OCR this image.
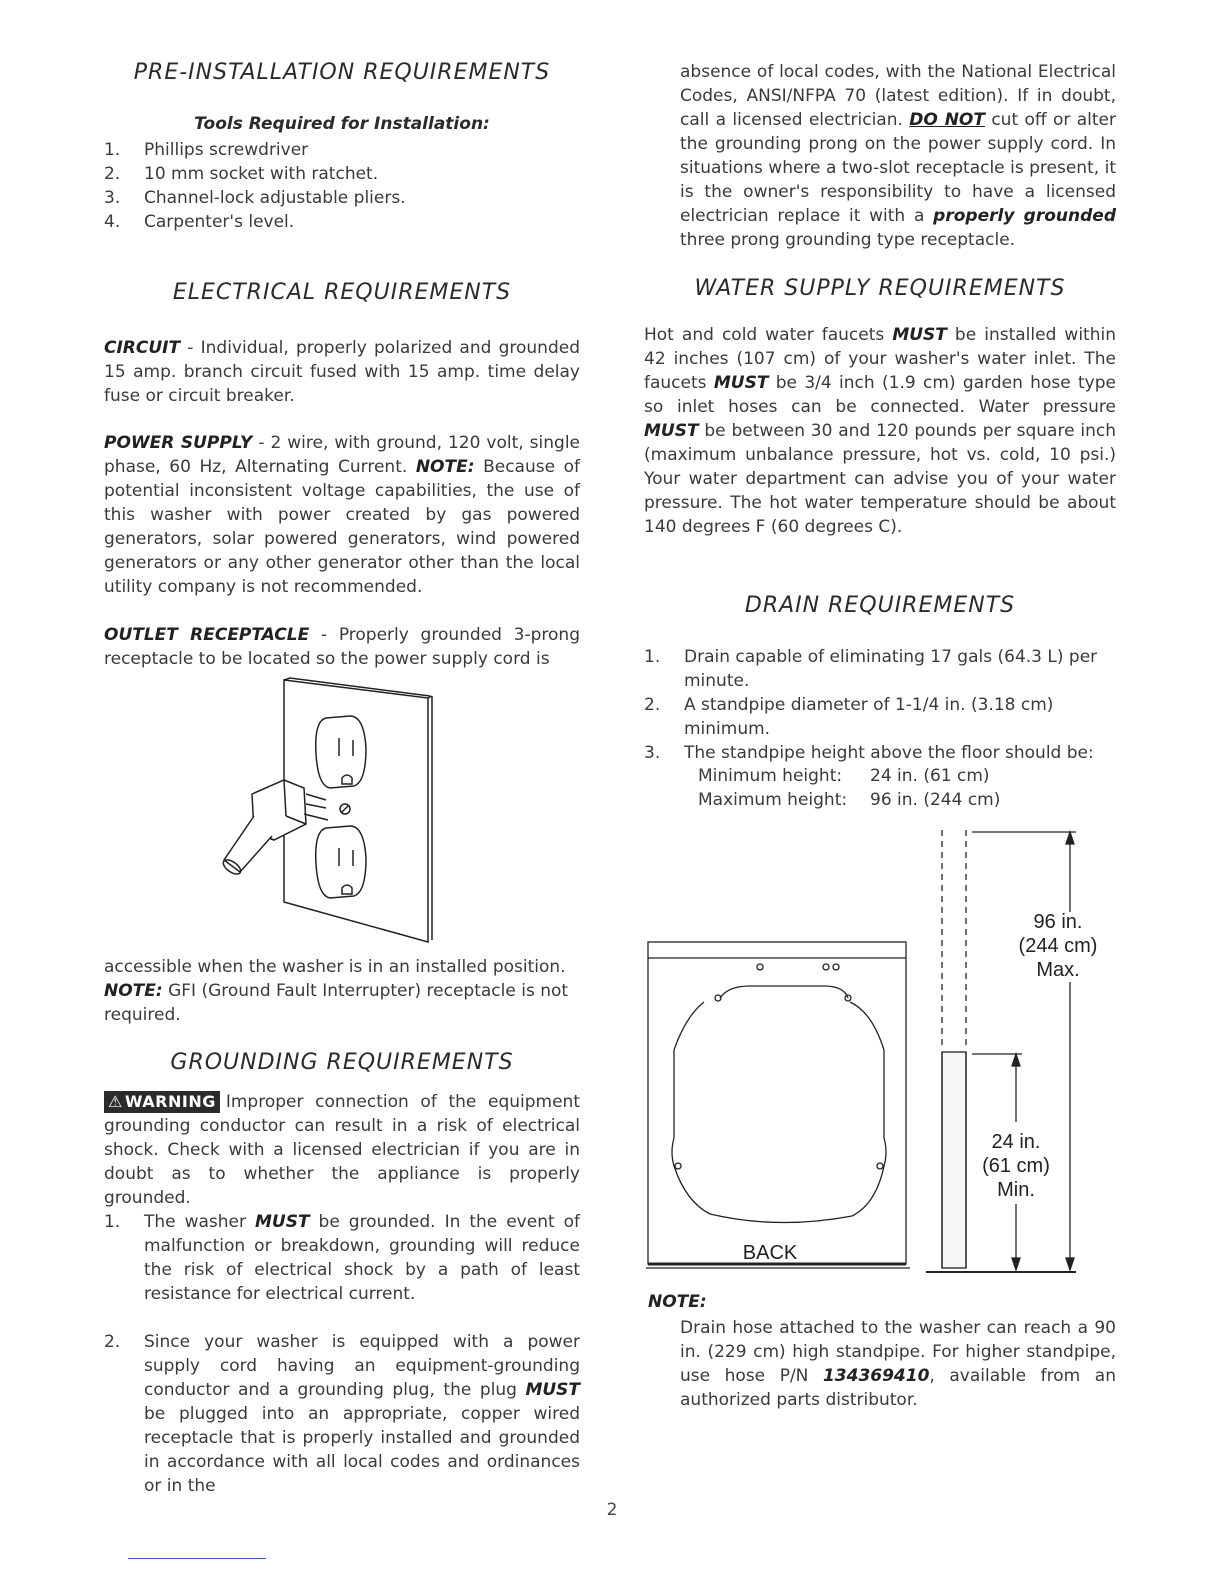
PRE-INSTALLATION REQUIREMENTS
Tools Required for Installation:
1. Phillips screwdriver
2. 10 mm socket with ratchet.
3. Channel-lock adjustable pliers.
4. Carpenter's level.
ELECTRICAL REQUIREMENTS

CIRCUIT - Individual, properly polarized and grounded 15 amp. branch circuit fused with 15 amp. time delay fuse or circuit breaker.

POWER SUPPLY - 2 wire, with ground, 120 volt, single phase, 60 Hz, Alternating Current. NOTE: Because of potential inconsistent voltage capabilities, the use of this washer with power created by gas powered generators, solar powered generators, wind powered generators or any other generator other than the local utility company is not recommended.

OUTLET RECEPTACLE - Properly grounded 3-prong receptacle to be located so the power supply cord is

accessible when the washer is in an installed position.
NOTE: GFI (Ground Fault Interrupter) receptacle is not required.

GROUNDING REQUIREMENTS

⚠ WARNING Improper connection of the equipment grounding conductor can result in a risk of electrical shock. Check with a licensed electrician if you are in doubt as to whether the appliance is properly grounded.

1. The washer MUST be grounded. In the event of malfunction or breakdown, grounding will reduce the risk of electrical shock by a path of least resistance for electrical current.
2. Since your washer is equipped with a power supply cord having an equipment-grounding conductor and a grounding plug, the plug MUST be plugged into an appropriate, copper wired receptacle that is properly installed and grounded in accordance with all local codes and ordinances or in the

absence of local codes, with the National Electrical Codes, ANSI/NFPA 70 (latest edition). If in doubt, call a licensed electrician. DO NOT cut off or alter the grounding prong on the power supply cord. In situations where a two-slot receptacle is present, it is the owner's responsibility to have a licensed electrician replace it with a properly grounded three prong grounding type receptacle.

WATER SUPPLY REQUIREMENTS

Hot and cold water faucets MUST be installed within 42 inches (107 cm) of your washer's water inlet. The faucets MUST be 3/4 inch (1.9 cm) garden hose type so inlet hoses can be connected. Water pressure MUST be between 30 and 120 pounds per square inch (maximum unbalance pressure, hot vs. cold, 10 psi.) Your water department can advise you of your water pressure. The hot water temperature should be about 140 degrees F (60 degrees C).

DRAIN REQUIREMENTS
1. Drain capable of eliminating 17 gals (64.3 L) per minute.
2. A standpipe diameter of 1-1/4 in. (3.18 cm) minimum.
3. The standpipe height above the floor should be:
Minimum height: 24 in. (61 cm)
Maximum height: 96 in. (244 cm)
96 in.
(244 cm)
Max.
24 in.
(61 cm)
Min.
BACK
NOTE:

Drain hose attached to the washer can reach a 90 in. (229 cm) high standpipe. For higher standpipe, use hose P/N 134369410, available from an authorized parts distributor.

2
